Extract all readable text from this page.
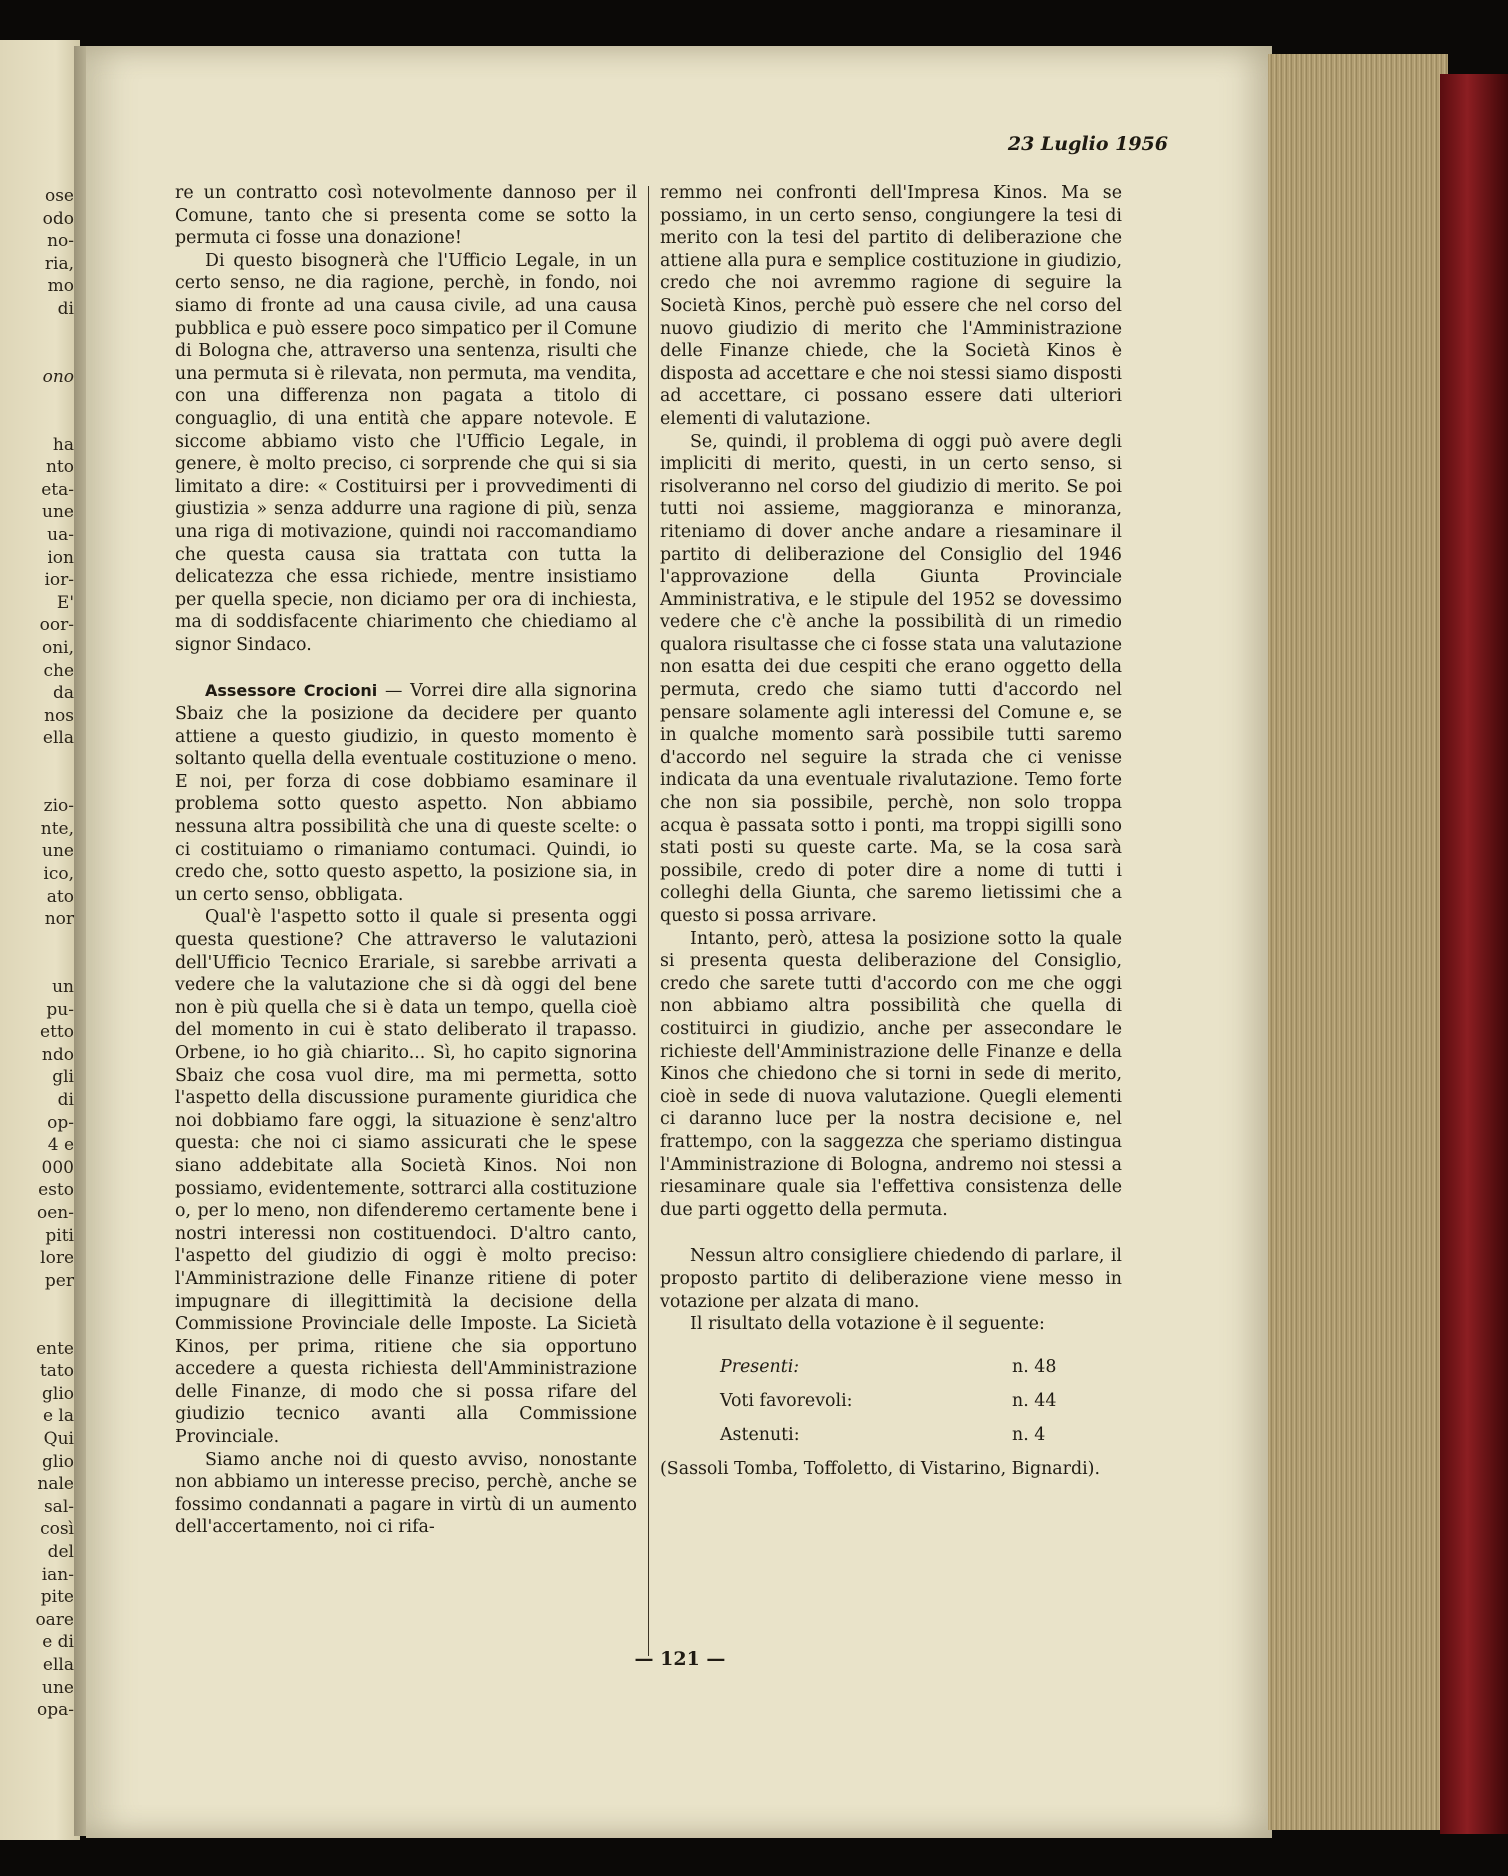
ose
odo
no-
ria,
mo
di
ono
ha
nto
eta-
une
ua-
ion
ior-
E'
oor-
oni,
che
da
nos
ella
zio-
nte,
une
ico,
ato
nor
un
pu-
etto
ndo
gli
di
op-
4 e
000
esto
oen-
piti
lore
per
ente
tato
glio
e la
Qui
glio
nale
sal-
così
del
ian-
pite
oare
e di
ella
une
opa-
23 Luglio 1956

re un contratto così notevolmente dannoso per il Comune, tanto che si presenta come se sotto la permuta ci fosse una donazione!

Di questo bisognerà che l'Ufficio Legale, in un certo senso, ne dia ragione, perchè, in fondo, noi siamo di fronte ad una causa civile, ad una causa pubblica e può essere poco simpatico per il Comune di Bologna che, attraverso una sentenza, risulti che una permuta si è rilevata, non permuta, ma vendita, con una differenza non pagata a titolo di conguaglio, di una entità che appare notevole. E siccome abbiamo visto che l'Ufficio Legale, in genere, è molto preciso, ci sorprende che qui si sia limitato a dire: « Costituirsi per i provvedimenti di giustizia » senza addurre una ragione di più, senza una riga di motivazione, quindi noi raccomandiamo che questa causa sia trattata con tutta la delicatezza che essa richiede, mentre insistiamo per quella specie, non diciamo per ora di inchiesta, ma di soddisfacente chiarimento che chiediamo al signor Sindaco.

Assessore Crocioni — Vorrei dire alla signorina Sbaiz che la posizione da decidere per quanto attiene a questo giudizio, in questo momento è soltanto quella della eventuale costituzione o meno. E noi, per forza di cose dobbiamo esaminare il problema sotto questo aspetto. Non abbiamo nessuna altra possibilità che una di queste scelte: o ci costituiamo o rimaniamo contumaci. Quindi, io credo che, sotto questo aspetto, la posizione sia, in un certo senso, obbligata.

Qual'è l'aspetto sotto il quale si presenta oggi questa questione? Che attraverso le valutazioni dell'Ufficio Tecnico Erariale, si sarebbe arrivati a vedere che la valutazione che si dà oggi del bene non è più quella che si è data un tempo, quella cioè del momento in cui è stato deliberato il trapasso. Orbene, io ho già chiarito... Sì, ho capito signorina Sbaiz che cosa vuol dire, ma mi permetta, sotto l'aspetto della discussione puramente giuridica che noi dobbiamo fare oggi, la situazione è senz'altro questa: che noi ci siamo assicurati che le spese siano addebitate alla Società Kinos. Noi non possiamo, evidentemente, sottrarci alla costituzione o, per lo meno, non difenderemo certamente bene i nostri interessi non costituendoci. D'altro canto, l'aspetto del giudizio di oggi è molto preciso: l'Amministrazione delle Finanze ritiene di poter impugnare di illegittimità la decisione della Commissione Provinciale delle Imposte. La Sicietà Kinos, per prima, ritiene che sia opportuno accedere a questa richiesta dell'Amministrazione delle Finanze, di modo che si possa rifare del giudizio tecnico avanti alla Commissione Provinciale.

Siamo anche noi di questo avviso, nonostante non abbiamo un interesse preciso, perchè, anche se fossimo condannati a pagare in virtù di un aumento dell'accertamento, noi ci rifa-

remmo nei confronti dell'Impresa Kinos. Ma se possiamo, in un certo senso, congiungere la tesi di merito con la tesi del partito di deliberazione che attiene alla pura e semplice costituzione in giudizio, credo che noi avremmo ragione di seguire la Società Kinos, perchè può essere che nel corso del nuovo giudizio di merito che l'Amministrazione delle Finanze chiede, che la Società Kinos è disposta ad accettare e che noi stessi siamo disposti ad accettare, ci possano essere dati ulteriori elementi di valutazione.

Se, quindi, il problema di oggi può avere degli impliciti di merito, questi, in un certo senso, si risolveranno nel corso del giudizio di merito. Se poi tutti noi assieme, maggioranza e minoranza, riteniamo di dover anche andare a riesaminare il partito di deliberazione del Consiglio del 1946 l'approvazione della Giunta Provinciale Amministrativa, e le stipule del 1952 se dovessimo vedere che c'è anche la possibilità di un rimedio qualora risultasse che ci fosse stata una valutazione non esatta dei due cespiti che erano oggetto della permuta, credo che siamo tutti d'accordo nel pensare solamente agli interessi del Comune e, se in qualche momento sarà possibile tutti saremo d'accordo nel seguire la strada che ci venisse indicata da una eventuale rivalutazione. Temo forte che non sia possibile, perchè, non solo troppa acqua è passata sotto i ponti, ma troppi sigilli sono stati posti su queste carte. Ma, se la cosa sarà possibile, credo di poter dire a nome di tutti i colleghi della Giunta, che saremo lietissimi che a questo si possa arrivare.

Intanto, però, attesa la posizione sotto la quale si presenta questa deliberazione del Consiglio, credo che sarete tutti d'accordo con me che oggi non abbiamo altra possibilità che quella di costituirci in giudizio, anche per assecondare le richieste dell'Amministrazione delle Finanze e della Kinos che chiedono che si torni in sede di merito, cioè in sede di nuova valutazione. Quegli elementi ci daranno luce per la nostra decisione e, nel frattempo, con la saggezza che speriamo distingua l'Amministrazione di Bologna, andremo noi stessi a riesaminare quale sia l'effettiva consistenza delle due parti oggetto della permuta.

Nessun altro consigliere chiedendo di parlare, il proposto partito di deliberazione viene messo in votazione per alzata di mano.

Il risultato della votazione è il seguente:

Presenti:	n. 48
Voti favorevoli:	n. 44
Astenuti:	n. 4

(Sassoli Tomba, Toffoletto, di Vistarino, Bignardi).

— 121 —
